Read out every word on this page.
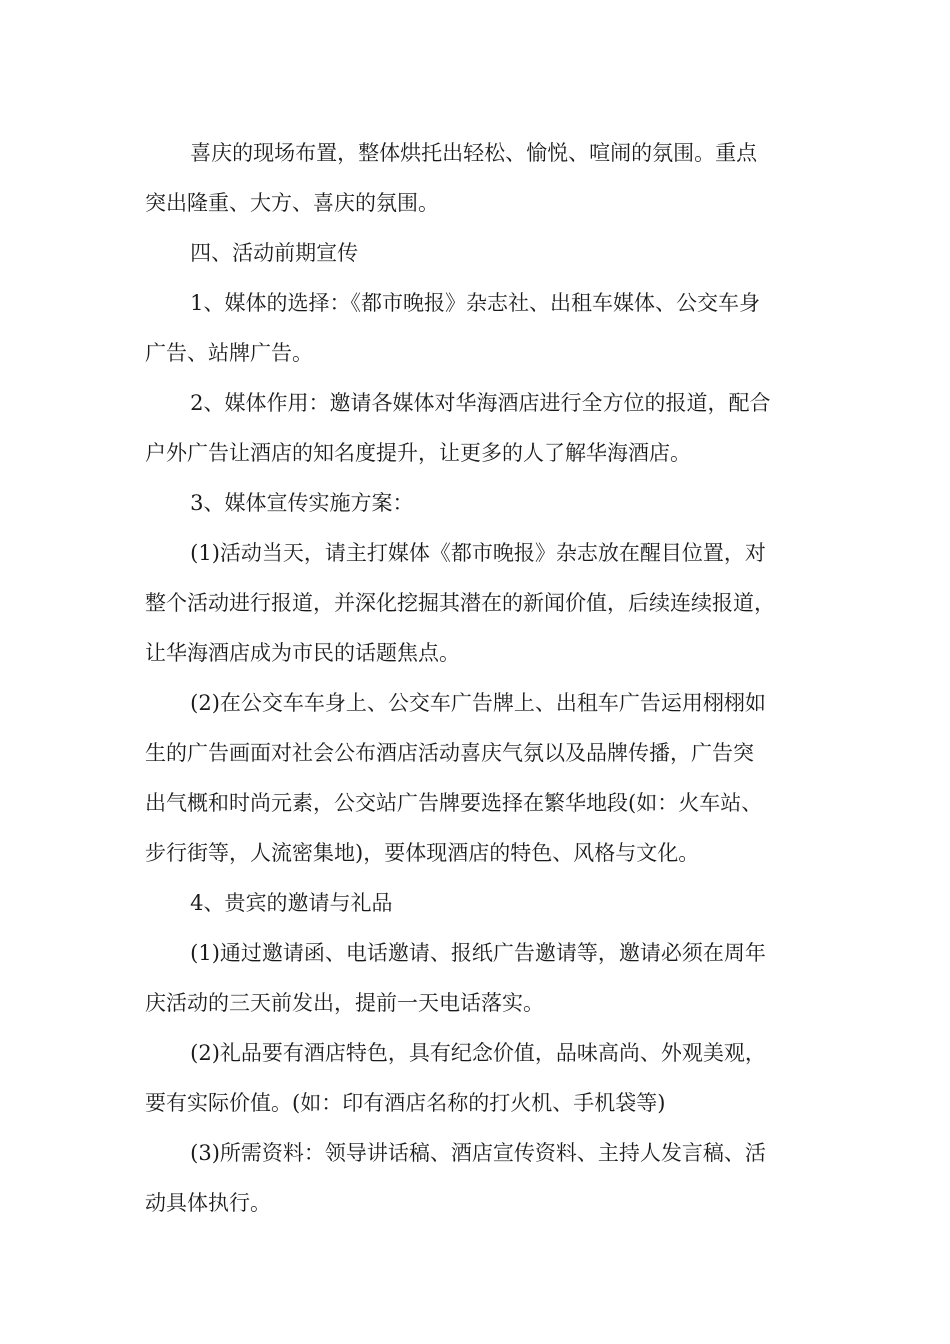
喜庆的现场布置，整体烘托出轻松、愉悦、喧闹的氛围。重点
突出隆重、大方、喜庆的氛围。

四、活动前期宣传

1、媒体的选择：《都市晚报》杂志社、出租车媒体、公交车身
广告、站牌广告。

2、媒体作用：邀请各媒体对华海酒店进行全方位的报道，配合
户外广告让酒店的知名度提升，让更多的人了解华海酒店。

3、媒体宣传实施方案：

(1)活动当天，请主打媒体《都市晚报》杂志放在醒目位置，对
整个活动进行报道，并深化挖掘其潜在的新闻价值，后续连续报道，
让华海酒店成为市民的话题焦点。

(2)在公交车车身上、公交车广告牌上、出租车广告运用栩栩如
生的广告画面对社会公布酒店活动喜庆气氛以及品牌传播，广告突
出气概和时尚元素，公交站广告牌要选择在繁华地段(如：火车站、
步行街等，人流密集地)，要体现酒店的特色、风格与文化。

4、贵宾的邀请与礼品

(1)通过邀请函、电话邀请、报纸广告邀请等，邀请必须在周年
庆活动的三天前发出，提前一天电话落实。

(2)礼品要有酒店特色，具有纪念价值，品味高尚、外观美观，
要有实际价值。(如：印有酒店名称的打火机、手机袋等)

(3)所需资料：领导讲话稿、酒店宣传资料、主持人发言稿、活
动具体执行。
